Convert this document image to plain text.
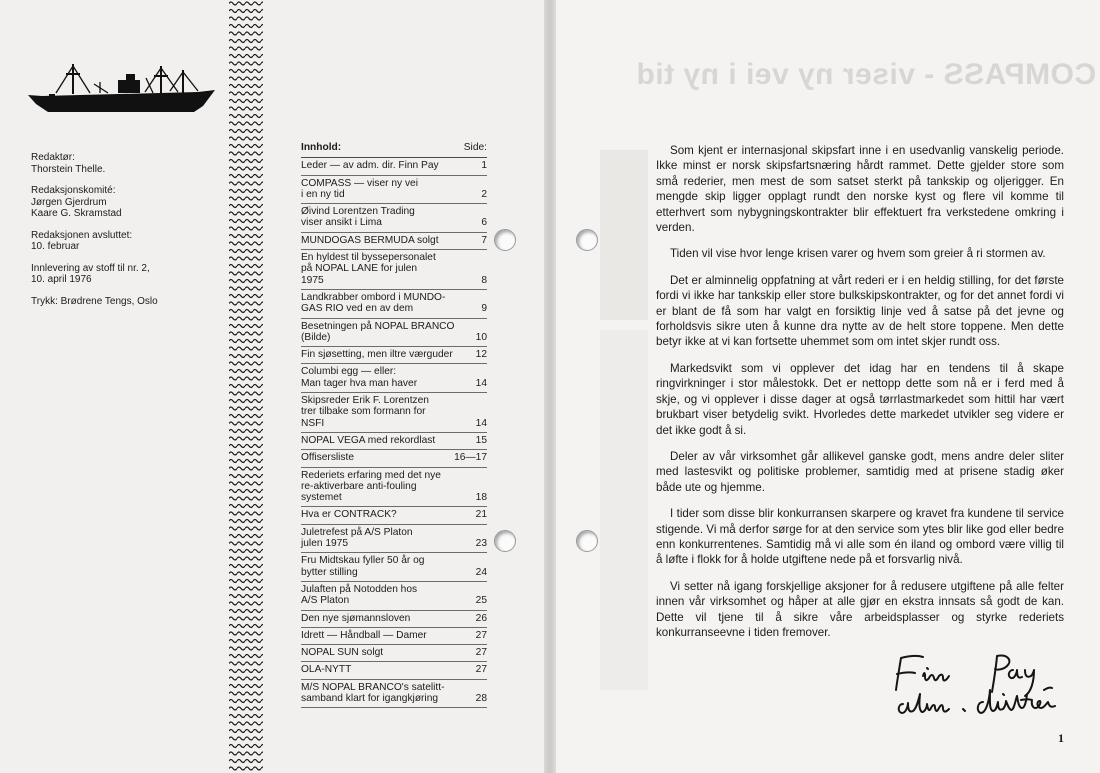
Redaktør:
Thorstein Thelle.
Redaksjonskomité:
Jørgen Gjerdrum
Kaare G. Skramstad
Redaksjonen avsluttet:
10. februar
Innlevering av stoff til nr. 2,
10. april 1976
Trykk: Brødrene Tengs, Oslo
Innhold:	Side:
Leder — av adm. dir. Finn Pay	1
COMPASS — viser ny vei
i en ny tid	2
Øivind Lorentzen Trading
viser ansikt i Lima	6
MUNDOGAS BERMUDA solgt	7
En hyldest til byssepersonalet
på NOPAL LANE for julen
1975	8
Landkrabber ombord i MUNDO-
GAS RIO ved en av dem	9
Besetningen på NOPAL BRANCO
(Bilde)	10
Fin sjøsetting, men iltre værguder	12
Columbi egg — eller:
Man tager hva man haver	14
Skipsreder Erik F. Lorentzen
trer tilbake som formann for
NSFI	14
NOPAL VEGA med rekordlast	15
Offisersliste	16—17
Rederiets erfaring med det nye
re-aktiverbare anti-fouling
systemet	18
Hva er CONTRACK?	21
Juletrefest på A/S Platon
julen 1975	23
Fru Midtskau fyller 50 år og
bytter stilling	24
Julaften på Notodden hos
A/S Platon	25
Den nye sjømannsloven	26
Idrett — Håndball — Damer	27
NOPAL SUN solgt	27
OLA-NYTT	27
M/S NOPAL BRANCO's satelitt-
samband klart for igangkjøring	28
COMPASS - viser ny vei i ny tid

Som kjent er internasjonal skipsfart inne i en usedvanlig vanskelig periode. Ikke minst er norsk skipsfartsnæring hårdt rammet. Dette gjelder store som små rederier, men mest de som satset sterkt på tankskip og oljerigger. En mengde skip ligger opplagt rundt den norske kyst og flere vil komme til etterhvert som nybygningskontrakter blir effektuert fra verkstedene omkring i verden.

Tiden vil vise hvor lenge krisen varer og hvem som greier å ri stormen av.

Det er alminnelig oppfatning at vårt rederi er i en heldig stilling, for det første fordi vi ikke har tankskip eller store bulkskipskontrakter, og for det annet fordi vi er blant de få som har valgt en forsiktig linje ved å satse på det jevne og forholdsvis sikre uten å kunne dra nytte av de helt store toppene. Men dette betyr ikke at vi kan fortsette uhemmet som om intet skjer rundt oss.

Markedsvikt som vi opplever det idag har en tendens til å skape ringvirkninger i stor målestokk. Det er nettopp dette som nå er i ferd med å skje, og vi opplever i disse dager at også tørrlastmarkedet som hittil har vært brukbart viser betydelig svikt. Hvorledes dette markedet utvikler seg videre er det ikke godt å si.

Deler av vår virksomhet går allikevel ganske godt, mens andre deler sliter med lastesvikt og politiske problemer, samtidig med at prisene stadig øker både ute og hjemme.

I tider som disse blir konkurransen skarpere og kravet fra kundene til service stigende. Vi må derfor sørge for at den service som ytes blir like god eller bedre enn konkurrentenes. Samtidig må vi alle som én iland og ombord være villig til å løfte i flokk for å holde utgiftene nede på et forsvarlig nivå.

Vi setter nå igang forskjellige aksjoner for å redusere utgiftene på alle felter innen vår virksomhet og håper at alle gjør en ekstra innsats så godt de kan. Dette vil tjene til å sikre våre arbeidsplasser og styrke rederiets konkurranseevne i tiden fremover.

1
